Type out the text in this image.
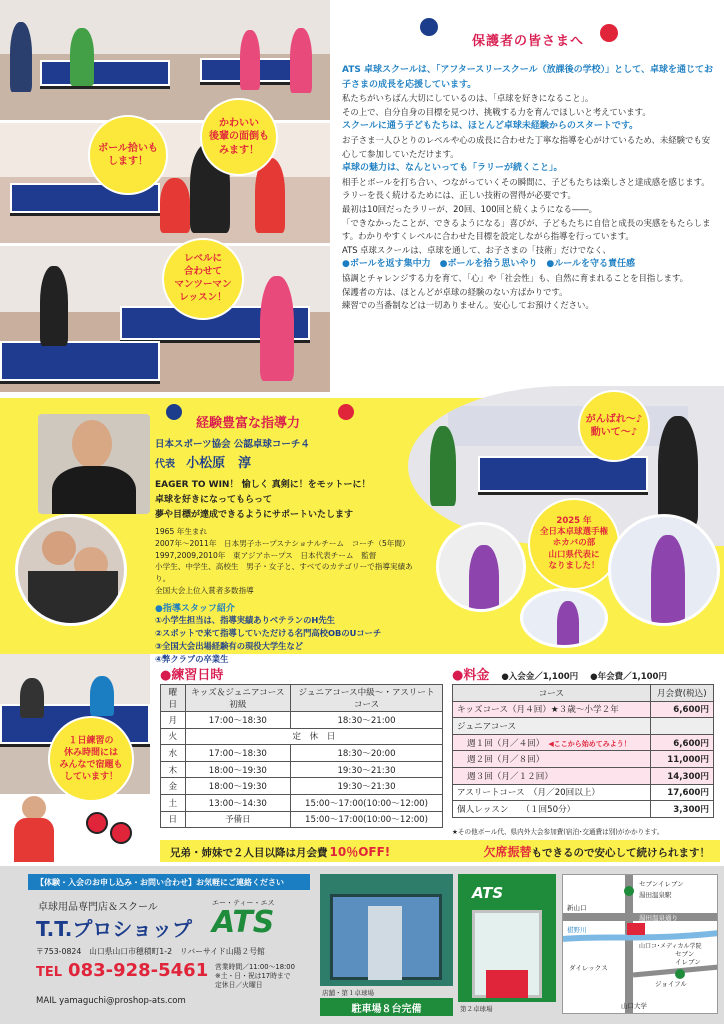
ボール拾いも
します！
かわいい
後輩の面倒も
みます！
レベルに
合わせて
マンツーマン
レッスン！
保護者の皆さまへ

ATS 卓球スクールは、「アフタースリースクール（放課後の学校）」として、卓球を通じてお子さまの成長を応援しています。

私たちがいちばん大切にしているのは、「卓球を好きになること」。

その上で、自分自身の目標を見つけ、挑戦する力を育んでほしいと考えています。

スクールに通う子どもたちは、ほとんど卓球未経験からのスタートです。

お子さま一人ひとりのレベルや心の成長に合わせた丁寧な指導を心がけているため、未経験でも安心して参加していただけます。

卓球の魅力は、なんといっても「ラリーが続くこと」。

相手とボールを打ち合い、つながっていくその瞬間に、子どもたちは楽しさと達成感を感じます。ラリーを長く続けるためには、正しい技術の習得が必要です。

最初は10回だったラリーが、20回、100回と続くようになる――。

「できなかったことが、できるようになる」喜びが、子どもたちに自信と成長の実感をもたらします。わかりやすくレベルに合わせた目標を設定しながら指導を行っています。

ATS 卓球スクールは、卓球を通して、お子さまの「技術」だけでなく、

●ボールを返す集中力　●ボールを拾う思いやり　●ルールを守る責任感

協調とチャレンジする力を育て、「心」や「社会性」も、自然に育まれることを目指します。

保護者の方は、ほとんどが卓球の経験のない方ばかりです。

練習での当番制などは一切ありません。安心してお預けください。

経験豊富な指導力
日本スポーツ協会 公認卓球コーチ４
代表 小松原　淳
EAGER TO WIN！ 愉しく 真剣に！をモットーに！
卓球を好きになってもらって
夢や目標が達成できるようにサポートいたします
1965 年生まれ
2007年～2011年　日本男子ホープスナショナルチーム　コーチ（5年間）
1997,2009,2010年　東アジアホープス　日本代表チーム　監督
小学生、中学生、高校生　男子・女子と、すべてのカテゴリーで指導実績あり。
全国大会上位入賞者多数指導
●指導スタッフ紹介
①小学生担当は、指導実績ありベテランのH先生
②スポットで来て指導していただける名門高校OBのUコーチ
③全国大会出場経験有の現役大学生など
④弊クラブの卒業生
がんばれ〜♪
動いて〜♪
2025 年
全日本卓球選手権
ホカバの部
山口県代表に
なりました！
１日練習の
休み時間には
みんなで宿題も
しています！
●練習日時
曜日	キッズ＆ジュニアコース初級	ジュニアコース中級〜・アスリートコース
月	17:00〜18:30	18:30〜21:00
火	定　休　日	
水	17:00〜18:30	18:30〜20:00
木	18:00〜19:30	19:30〜21:30
金	18:00〜19:30	19:30〜21:30
土	13:00〜14:30	15:00〜17:00(10:00〜12:00)
日	予備日	15:00〜17:00(10:00〜12:00)
●料金 ●入会金／1,100円 ●年会費／1,100円
コース	月会費(税込)
キッズコース（月４回）★３歳〜小学２年	6,600円
ジュニアコース	
週１回（月／４回） ◀ここから始めてみよう！	6,600円
週２回（月／８回）	11,000円
週３回（月／１２回）	14,300円
アスリートコース　（月／20回以上）	17,600円
個人レッスン　　（１回50分）	3,300円
★その他ボール代、県内外大会参加費(宿泊･交通費は別)がかかります。
兄弟・姉妹で２人目以降は月会費 10％OFF!	欠席振替もできるので安心して続けられます！
【体験・入会のお申し込み・お問い合わせ】お気軽にご連絡ください
卓球用品専門店＆スクール
T.T.プロショップ
エー・ティー・エス
ATS
〒753-0824　山口県山口市穂積町1-2　リバーサイド山陽２号館
TEL 083-928-5461 営業時間／11:00〜18:00
※土・日・祝は17時まで
定休日／火曜日
MAIL yamaguchi@proshop-ats.com
店舗・第１卓球場
駐車場８台完備
ATS
第２卓球場
セブンイレブン
湯田温泉駅
新山口
湯田温泉通り
山口コ･メディカル学院
椹野川
ダイレックス
セブン
イレブン
ジョイフル
山口大学
